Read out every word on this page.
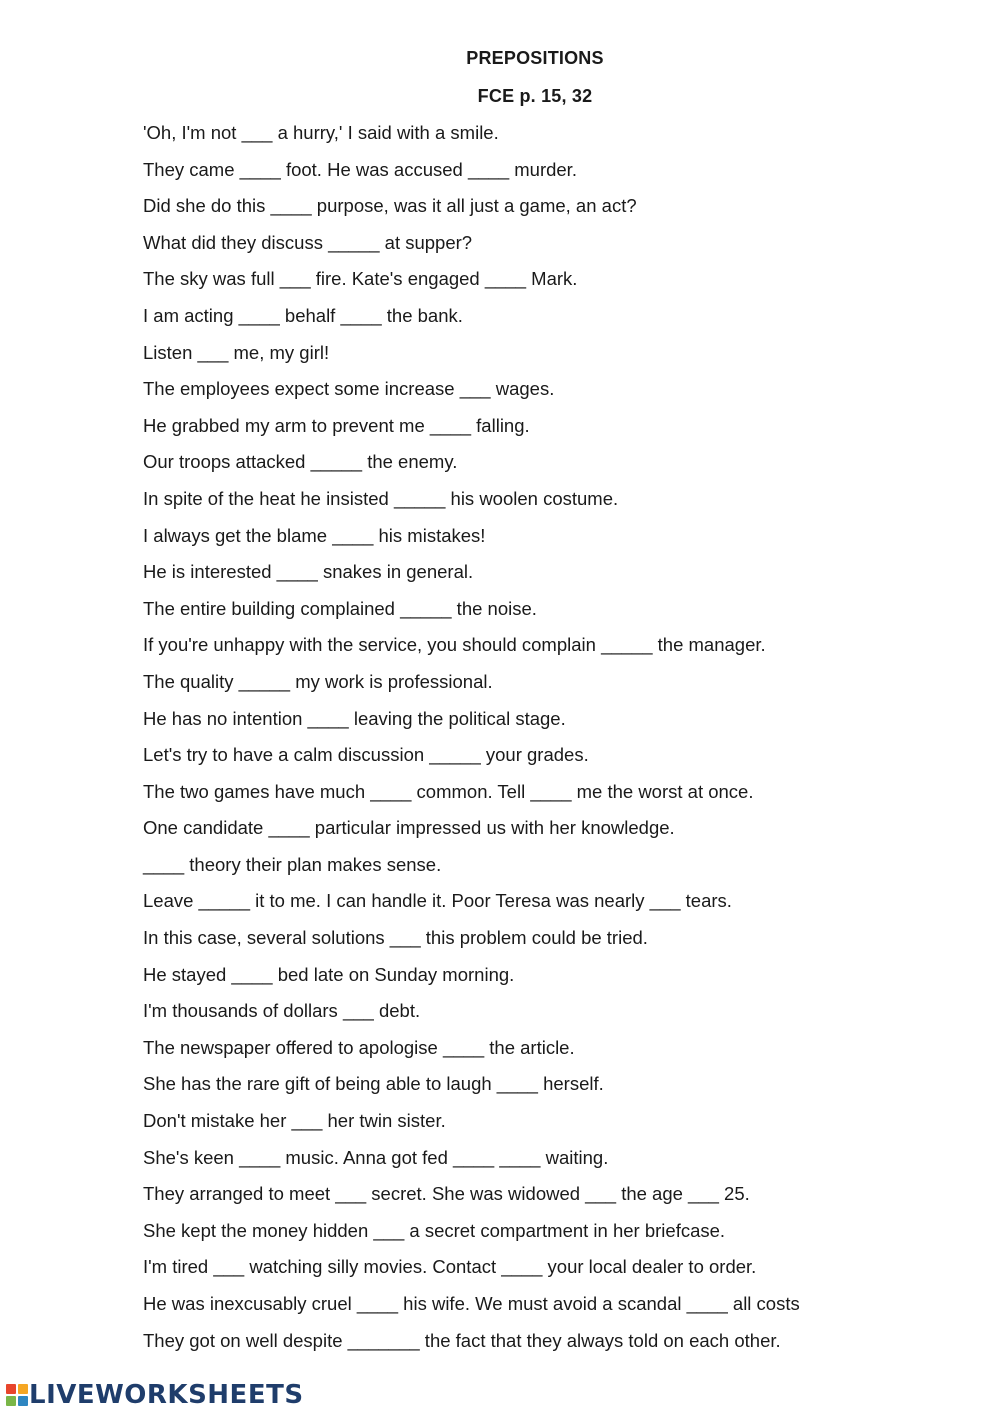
PREPOSITIONS
FCE p. 15, 32
'Oh, I'm not ___ a hurry,' I said with a smile.
They came ____ foot. He was accused ____ murder.
Did she do this ____ purpose, was it all just a game, an act?
What did they discuss _____ at supper?
The sky was full ___ fire. Kate's engaged ____ Mark.
I am acting ____ behalf ____ the bank.
Listen ___ me, my girl!
The employees expect some increase ___ wages.
He grabbed my arm to prevent me ____ falling.
Our troops attacked _____ the enemy.
In spite of the heat he insisted _____ his woolen costume.
I always get the blame ____ his mistakes!
He is interested ____ snakes in general.
The entire building complained _____ the noise.
If you're unhappy with the service, you should complain _____ the manager.
The quality _____ my work is professional.
He has no intention ____ leaving the political stage.
Let's try to have a calm discussion _____ your grades.
The two games have much ____ common. Tell ____ me the worst at once.
One candidate ____ particular impressed us with her knowledge.
____ theory their plan makes sense.
Leave _____ it to me. I can handle it. Poor Teresa was nearly ___ tears.
In this case, several solutions ___ this problem could be tried.
He stayed ____ bed late on Sunday morning.
I'm thousands of dollars ___ debt.
The newspaper offered to apologise ____ the article.
She has the rare gift of being able to laugh ____ herself.
Don't mistake her ___ her twin sister.
She's keen ____ music. Anna got fed ____ ____ waiting.
They arranged to meet ___ secret. She was widowed ___ the age ___ 25.
She kept the money hidden ___ a secret compartment in her briefcase.
I'm tired ___ watching silly movies. Contact ____ your local dealer to order.
He was inexcusably cruel ____ his wife. We must avoid a scandal ____ all costs
They got on well despite _______ the fact that they always told on each other.
LIVEWORKSHEETS
